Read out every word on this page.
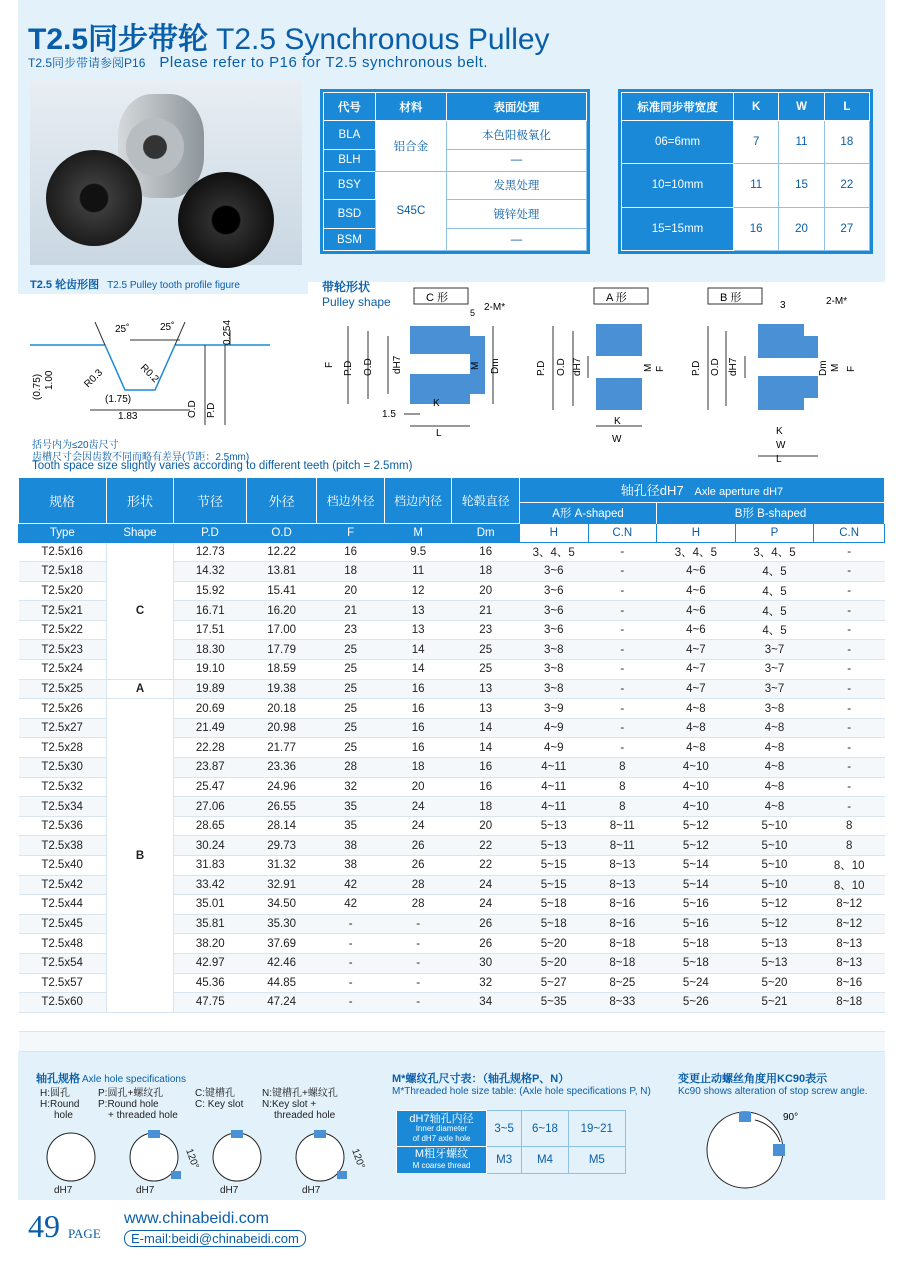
T2.5同步带轮 T2.5 Synchronous Pulley
T2.5同步带请参阅P16 Please refer to P16 for T2.5 synchronous belt.
代号	材料	表面处理
BLA	铝合金	本色阳极氧化
BLH		—
BSY	S45C	发黑处理
BSD		镀锌处理
BSM		—
标准同步带宽度	K	W	L
06=6mm	7	11	18
10=10mm	11	15	22
15=15mm	16	20	27
T2.5 轮齿形图 T2.5 Pulley tooth profile figure
25˚	25˚	0.254
(0.75) 1.00	R0.3	R0.2
(1.75)
1.83	O.D P.D
括号内为≤20齿尺寸
齿槽尺寸会因齿数不同而略有差异(节距：2.5mm)
Tooth space size slightly varies according to different teeth (pitch = 2.5mm)
带轮形状
Pulley shape	C 形	A 形	B 形
F P.D O.D dH7	M Dm
K
L
1.5
5 2-M*
P.D O.D dH7	M F
K
W
P.D O.D dH7	Dm M F
K
W
L
3	2-M*
规格	形状	节径	外径	档边外径	档边内径	轮毂直径	轴孔径dH7 Axle aperture dH7				
							A形 A-shaped		B形 B-shaped		
Type	Shape	P.D	O.D	F	M	Dm	H	C.N	H	P	C.N
T2.5x16	C	12.73	12.22	16	9.5	16	3、4、5	-	3、4、5	3、4、5	-
T2.5x18		14.32	13.81	18	11	18	3~6	-	4~6	4、5	-
T2.5x20		15.92	15.41	20	12	20	3~6	-	4~6	4、5	-
T2.5x21		16.71	16.20	21	13	21	3~6	-	4~6	4、5	-
T2.5x22		17.51	17.00	23	13	23	3~6	-	4~6	4、5	-
T2.5x23		18.30	17.79	25	14	25	3~8	-	4~7	3~7	-
T2.5x24		19.10	18.59	25	14	25	3~8	-	4~7	3~7	-
T2.5x25	A	19.89	19.38	25	16	13	3~8	-	4~7	3~7	-
T2.5x26	B	20.69	20.18	25	16	13	3~9	-	4~8	3~8	-
T2.5x27		21.49	20.98	25	16	14	4~9	-	4~8	4~8	-
T2.5x28		22.28	21.77	25	16	14	4~9	-	4~8	4~8	-
T2.5x30		23.87	23.36	28	18	16	4~11	8	4~10	4~8	-
T2.5x32		25.47	24.96	32	20	16	4~11	8	4~10	4~8	-
T2.5x34		27.06	26.55	35	24	18	4~11	8	4~10	4~8	-
T2.5x36		28.65	28.14	35	24	20	5~13	8~11	5~12	5~10	8
T2.5x38		30.24	29.73	38	26	22	5~13	8~11	5~12	5~10	8
T2.5x40		31.83	31.32	38	26	22	5~15	8~13	5~14	5~10	8、10
T2.5x42		33.42	32.91	42	28	24	5~15	8~13	5~14	5~10	8、10
T2.5x44		35.01	34.50	42	28	24	5~18	8~16	5~16	5~12	8~12
T2.5x45		35.81	35.30	-	-	26	5~18	8~16	5~16	5~12	8~12
T2.5x48		38.20	37.69	-	-	26	5~20	8~18	5~18	5~13	8~13
T2.5x54		42.97	42.46	-	-	30	5~20	8~18	5~18	5~13	8~13
T2.5x57		45.36	44.85	-	-	32	5~27	8~25	5~24	5~20	8~16
T2.5x60		47.75	47.24	-	-	34	5~35	8~33	5~26	5~21	8~18

轴孔规格 Axle hole specifications
H:圆孔
H:Round
hole
P:圆孔+螺纹孔
P:Round hole
+ threaded hole
C:键槽孔
C: Key slot
N:键槽孔+螺纹孔
N:Key slot +
threaded hole
dH7	dH7	dH7	dH7
120°	120°
M*螺纹孔尺寸表：（轴孔规格P、N）
M*Threaded hole size table: (Axle hole specifications P, N)
dH7轴孔内径
Inner diameter
of dH7 axle hole	3~5	6~18	19~21

M粗牙螺纹
M coarse thread	M3	M4	M5
变更止动螺丝角度用KC90表示
Kc90 shows alteration of stop screw angle.
90°
49 PAGE
www.chinabeidi.com
E-mail:beidi@chinabeidi.com
